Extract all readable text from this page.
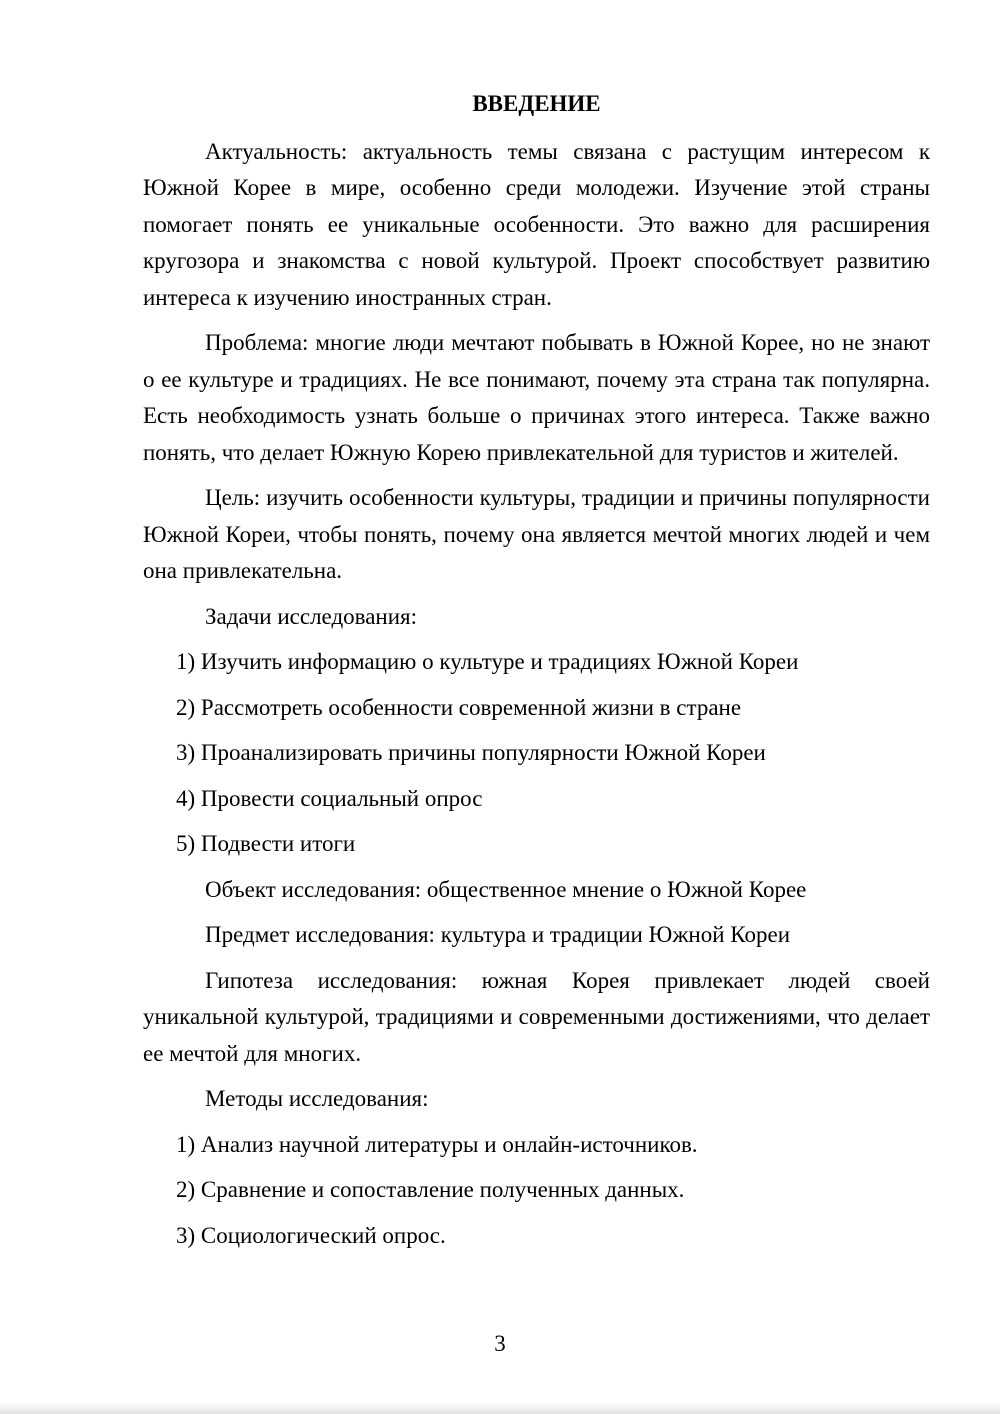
ВВЕДЕНИЕ

Актуальность: актуальность темы связана с растущим интересом к Южной Корее в мире, особенно среди молодежи. Изучение этой страны помогает понять ее уникальные особенности. Это важно для расширения кругозора и знакомства с новой культурой. Проект способствует развитию интереса к изучению иностранных стран.

Проблема: многие люди мечтают побывать в Южной Корее, но не знают о ее культуре и традициях. Не все понимают, почему эта страна так популярна. Есть необходимость узнать больше о причинах этого интереса. Также важно понять, что делает Южную Корею привлекательной для туристов и жителей.

Цель: изучить особенности культуры, традиции и причины популярности Южной Кореи, чтобы понять, почему она является мечтой многих людей и чем она привлекательна.

Задачи исследования:

1) Изучить информацию о культуре и традициях Южной Кореи

2) Рассмотреть особенности современной жизни в стране

3) Проанализировать причины популярности Южной Кореи

4) Провести социальный опрос

5) Подвести итоги

Объект исследования: общественное мнение о Южной Корее

Предмет исследования: культура и традиции Южной Кореи

Гипотеза исследования: южная Корея привлекает людей своей уникальной культурой, традициями и современными достижениями, что делает ее мечтой для многих.

Методы исследования:

1) Анализ научной литературы и онлайн-источников.

2) Сравнение и сопоставление полученных данных.

3) Социологический опрос.

3
